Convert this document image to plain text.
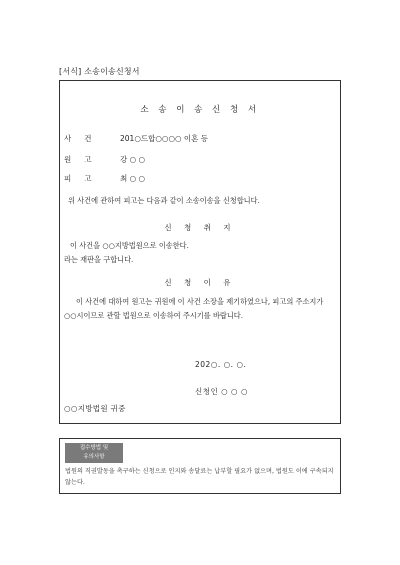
[서식] 소송이송신청서
소 송 이 송 신 청 서
사건 201○드합○○○○ 이혼 등
원고 강 ○ ○
피고 최 ○ ○
위 사건에 관하여 피고는 다음과 같이 소송이송을 신청합니다.
신 청 취 지
이 사건을 ○○지방법원으로 이송한다.
라는 재판을 구합니다.
신 청 이 유
이 사건에 대하여 원고는 귀원에 이 사건 소장을 제기하였으나, 피고의 주소지가 ○○시이므로 관할 법원으로 이송하여 주시기를 바랍니다.
202○. ○. ○.
신청인 ○ ○ ○
○○지방법원 귀중
접수방법 및
유의사항
법원의 직권발동을 촉구하는 신청으로 인지와 송달료는 납부할 필요가 없으며, 법원도 이에 구속되지 않는다.
